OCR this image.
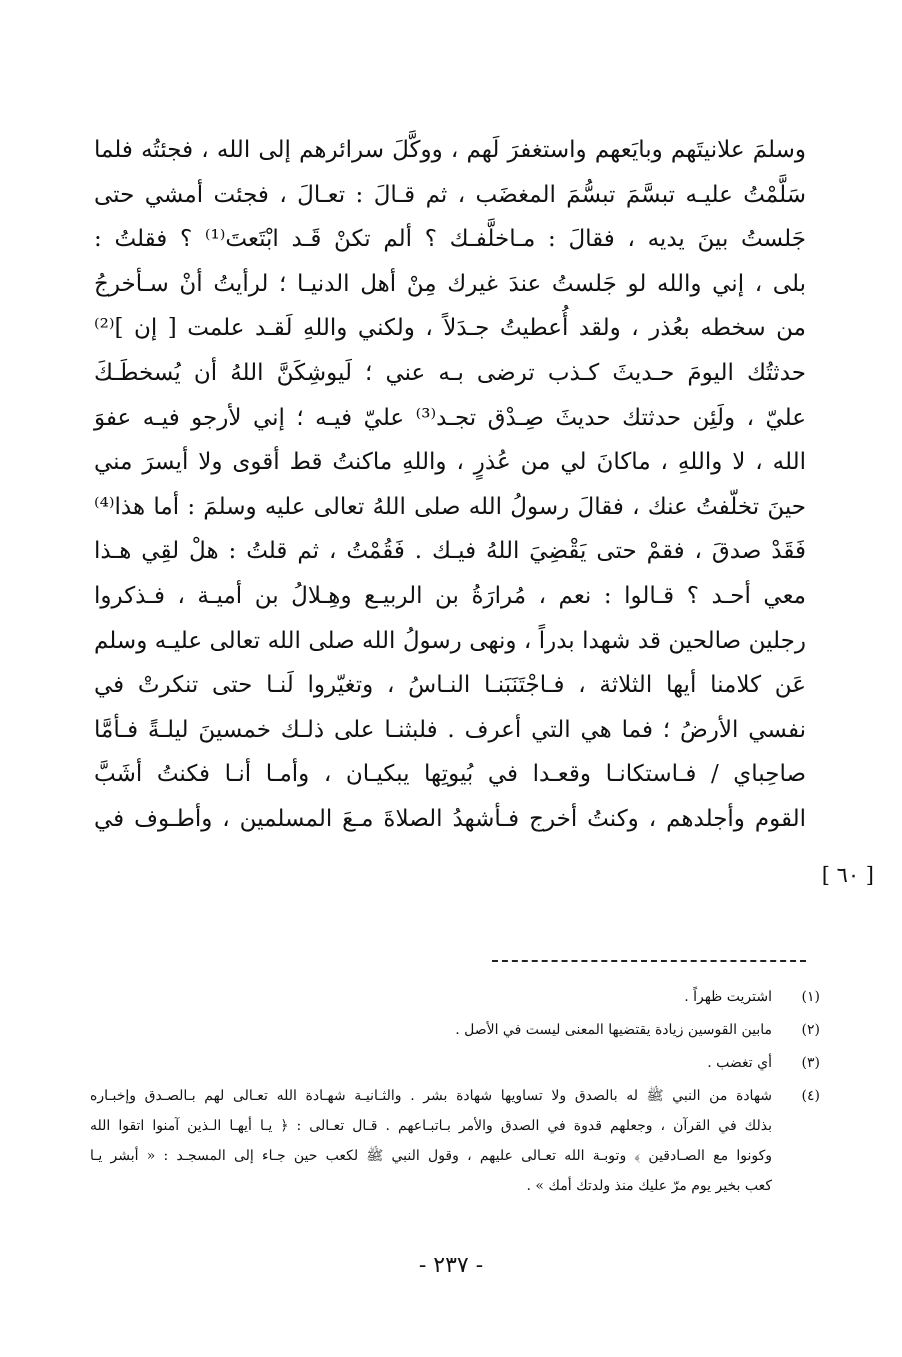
وسلمَ علانيتَهم وبايَعهم واستغفرَ لَهم ، ووكَّلَ سرائرهم إلى الله ، فجئتُه فلما
سَلَّمْتُ عليـه تبسَّمَ تبسُّمَ المغضَب ، ثم قـالَ : تعـالَ ، فجئت أمشي حتى
جَلستُ بينَ يديه ، فقالَ : مـاخلَّفـك ؟ ألم تكنْ قَـد ابْتَعتَ⁽¹⁾ ؟ فقلتُ :
بلى ، إني والله لو جَلستُ عندَ غيرك مِنْ أهل الدنيـا ؛ لرأيتُ أنْ سـأخرجُ
من سخطه بعُذر ، ولقد أُعطيتُ جـدَلاً ، ولكني واللهِ لَقـد علمت [ إن ]⁽²⁾
حدثتُك اليومَ حـديثَ كـذب ترضى بـه عني ؛ لَيوشِكَنَّ اللهُ أن يُسخطَـكَ
عليّ ، ولَئِن حدثتك حديثَ صِـدْق تجـد⁽³⁾ عليّ فيـه ؛ إني لأرجو فيـه عفوَ
الله ، لا واللهِ ، ماكانَ لي من عُذرٍ ، واللهِ ماكنتُ قط أقوى ولا أيسرَ مني
حينَ تخلّفتُ عنك ، فقالَ رسولُ الله صلى اللهُ تعالى عليه وسلمَ : أما هذا⁽⁴⁾
فَقَدْ صدقَ ، فقمْ حتى يَقْضِيَ اللهُ فيـك . فَقُمْتُ ، ثم قلتُ : هلْ لقِي هـذا
معي أحـد ؟ قـالوا : نعم ، مُرارَةُ بن الربيـع وهِـلالُ بن أميـة ، فـذكروا
رجلين صالحين قد شهدا بدراً ، ونهى رسولُ الله صلى الله تعالى عليـه وسلم
عَن كلامنا أيها الثلاثة ، فـاجْتَنَبَنـا النـاسُ ، وتغيّروا لَنـا حتى تنكرتْ في
نفسي الأرضُ ؛ فما هي التي أعرف . فلبثنـا على ذلـك خمسينَ ليلـةً فـأمَّا
صاحِباي / فـاستكانـا وقعـدا في بُيوتِها يبكيـان ، وأمـا أنـا فكنتُ أشَبَّ
القوم وأجلدهم ، وكنتُ أخرج فـأشهدُ الصلاةَ مـعَ المسلمين ، وأطـوف في
[ ٦٠ ]
(١)
اشتريت ظهراً .
(٢)
مابين القوسين زيادة يقتضيها المعنى ليست في الأصل .
(٣)
أي تغضب .
(٤)
شهادة من النبي ﷺ له بالصدق ولا تساويها شهادة بشر . والثـانيـة شهـادة الله تعـالى لهم بـالصـدق وإخبـاره
بذلك في القرآن ، وجعلهم قدوة في الصدق والأمر بـاتبـاعهم . قـال تعـالى : ﴿ يـا أيهـا الـذين آمنوا اتقوا الله
وكونوا مع الصـادقين ﴾ وتوبـة الله تعـالى عليهم ، وقول النبي ﷺ لكعب حين جـاء إلى المسجـد : « أبشر يـا
كعب بخير يوم مرّ عليك منذ ولدتك أمك » .
- ٢٣٧ -
